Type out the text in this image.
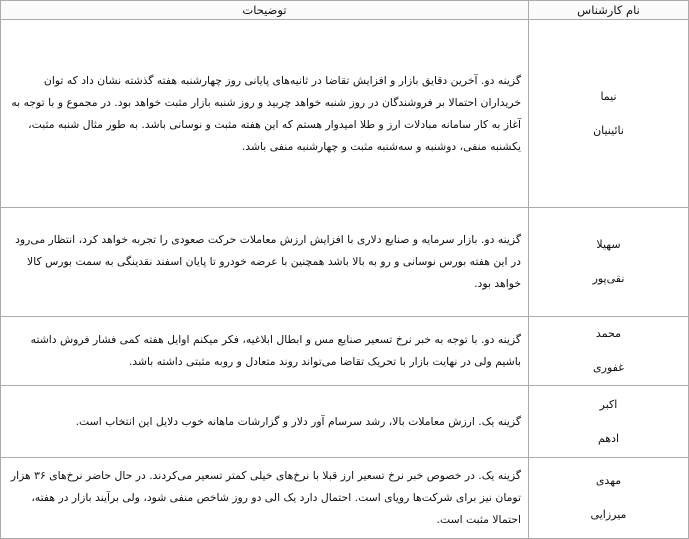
نام کارشناس	توضیحات

نیما
نائینیان	گزینه دو. آخرین دقایق بازار و افزایش تقاضا در ثانیه‌های پایانی روز چهارشنبه هفته گذشته نشان داد که توان خریداران احتمالا بر فروشندگان در روز شنبه خواهد چربید و روز شنبه بازار مثبت خواهد بود. در مجموع و با توجه به آغاز به کار سامانه مبادلات ارز و طلا امیدوار هستم که این هفته مثبت و نوسانی باشد. به طور مثال شنبه مثبت، یکشنبه منفی، دوشنبه و سه‌شنبه مثبت و چهارشنبه منفی باشد.

سهیلا
نقی‌پور	گزینه دو. بازار سرمایه و صنایع دلاری با افزایش ارزش معاملات حرکت صعودی را تجربه خواهد کرد، انتظار می‌رود در این هفته بورس نوسانی و رو به بالا باشد همچنین با عرضه خودرو تا پایان اسفند نقدینگی به سمت بورس کالا خواهد بود.

محمد
غفوری	گزینه دو. با توجه به خبر نرخ تسعیر صنایع مس و ابطال ابلاغیه، فکر میکنم اوایل هفته کمی فشار فروش داشته باشیم ولی در نهایت بازار با تحریک تقاضا می‌تواند روند متعادل و روبه مثبتی داشته باشد.

اکبر
ادهم	گزینه یک. ارزش معاملات بالا، رشد سرسام آور دلار و گزارشات ماهانه خوب دلایل این انتخاب است.

مهدی
میرزایی	گزینه یک. در خصوص خبر نرخ تسعیر ارز قبلا با نرخ‌های خیلی کمتر تسعیر می‌کردند. در حال حاضر نرخ‌های ۳۶ هزار تومان نیز برای شرکت‌ها رویای است. احتمال دارد یک الی دو روز شاخص منفی شود، ولی برآیند بازار در هفته، احتمالا مثبت است.
